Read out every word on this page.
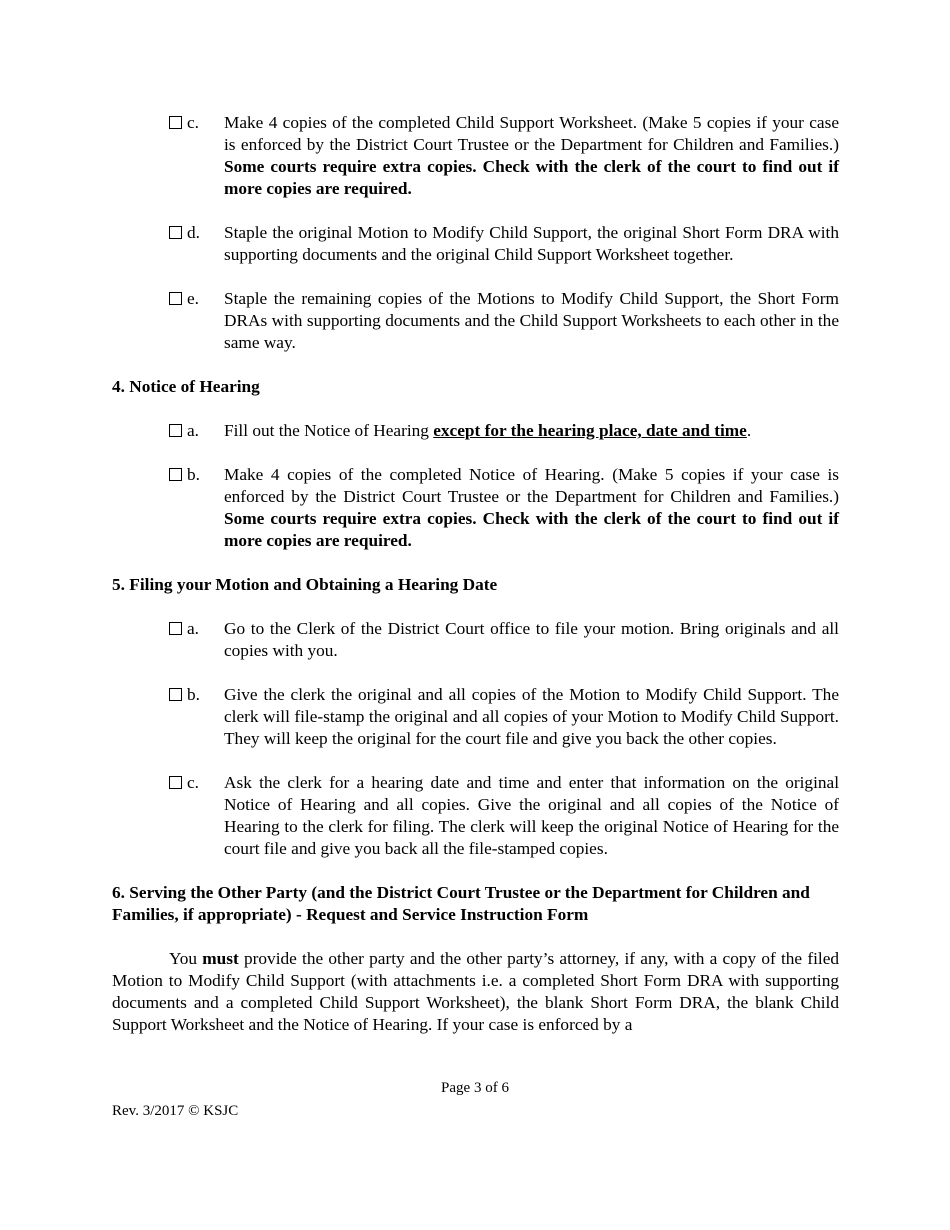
c. Make 4 copies of the completed Child Support Worksheet. (Make 5 copies if your case is enforced by the District Court Trustee or the Department for Children and Families.) Some courts require extra copies. Check with the clerk of the court to find out if more copies are required.
d. Staple the original Motion to Modify Child Support, the original Short Form DRA with supporting documents and the original Child Support Worksheet together.
e. Staple the remaining copies of the Motions to Modify Child Support, the Short Form DRAs with supporting documents and the Child Support Worksheets to each other in the same way.
4. Notice of Hearing
a. Fill out the Notice of Hearing except for the hearing place, date and time.
b. Make 4 copies of the completed Notice of Hearing. (Make 5 copies if your case is enforced by the District Court Trustee or the Department for Children and Families.) Some courts require extra copies. Check with the clerk of the court to find out if more copies are required.
5. Filing your Motion and Obtaining a Hearing Date
a. Go to the Clerk of the District Court office to file your motion. Bring originals and all copies with you.
b. Give the clerk the original and all copies of the Motion to Modify Child Support. The clerk will file-stamp the original and all copies of your Motion to Modify Child Support. They will keep the original for the court file and give you back the other copies.
c. Ask the clerk for a hearing date and time and enter that information on the original Notice of Hearing and all copies. Give the original and all copies of the Notice of Hearing to the clerk for filing. The clerk will keep the original Notice of Hearing for the court file and give you back all the file-stamped copies.
6. Serving the Other Party (and the District Court Trustee or the Department for Children and Families, if appropriate) - Request and Service Instruction Form

You must provide the other party and the other party’s attorney, if any, with a copy of the filed Motion to Modify Child Support (with attachments i.e. a completed Short Form DRA with supporting documents and a completed Child Support Worksheet), the blank Short Form DRA, the blank Child Support Worksheet and the Notice of Hearing. If your case is enforced by a

Page 3 of 6
Rev. 3/2017 © KSJC
